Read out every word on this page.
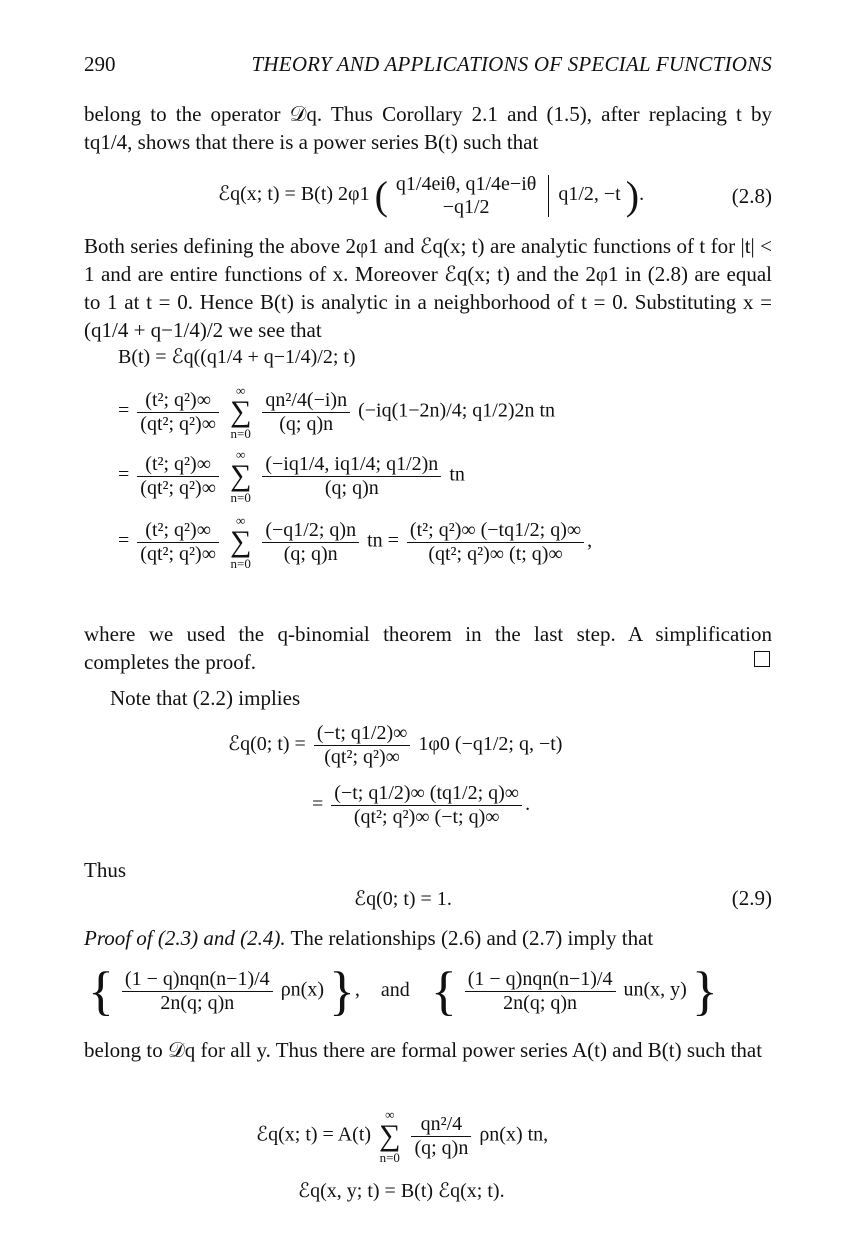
290	THEORY AND APPLICATIONS OF SPECIAL FUNCTIONS
belong to the operator 𝒟q. Thus Corollary 2.1 and (1.5), after replacing t by tq1/4, shows that there is a power series B(t) such that
ℰq(x; t) = B(t) 2φ1 ( q1/4eiθ, q1/4e−iθ
−q1/2
q1/2, −t ).	(2.8)
Both series defining the above 2φ1 and ℰq(x; t) are analytic functions of t for |t| < 1 and are entire functions of x. Moreover ℰq(x; t) and the 2φ1 in (2.8) are equal to 1 at t = 0. Hence B(t) is analytic in a neighborhood of t = 0. Substituting x = (q1/4 + q−1/4)/2 we see that
B(t) = ℰq((q1/4 + q−1/4)/2; t)
= $\frac{\text{(t²; q²)∞}}{\text{(qt²; q²)∞}}$ ∞
∑
$n=0 \frac{\text{qn²/4(−i)n}}{(q; q)n} (-iq(1-2n)/4$; q1/2)2n tn
= $\frac{\text{(t²; q²)∞}}{\text{(qt²; q²)∞}}$ ∞
∑
$n=0 \frac{(-iq1/4, iq1/4; q1/2)n}{(q; q)n}$ tn
= $\frac{\text{(t²; q²)∞}}{\text{(qt²; q²)∞}}$ ∞
∑
$n=0 \frac{(-q1/2; q)n}{(q; q)n}$ tn = $\frac{\text{(t²; q²)∞ (−tq1/2; q)∞}}{\text{(qt²; q²)∞ (t; q)∞}}$ ,
where we used the q-binomial theorem in the last step. A simplification completes the proof.
Note that (2.2) implies
ℰq(0; $t) = \frac{(-t; q1/2)\infty}{\text{(qt²; q²)∞}} 1\varphi 0$ (−q1/2; q, −t)
= $\frac{(-t; q1/2)\infty (tq1/2; q)\infty}{\text{(qt²; q²)∞ (−t; q)∞}}$ .
Thus
ℰq(0; t) = 1.	(2.9)
Proof of (2.3) and (2.4). The relationships (2.6) and (2.7) imply that
{ $\frac{\text{(1 − q)nqn(n−1)/4}}{2n(q; q)n} \rho n(x)$ }, and { $\frac{\text{(1 − q)nqn(n−1)/4}}{2n(q; q)n} un(x$, y) }
belong to 𝒟q for all y. Thus there are formal power series A(t) and B(t) such that
ℰq(x; t) = A(t) ∞
∑
$n=0 \frac{\text{qn²/4}}{(q; q)n} \rho n(x)$ tn,
ℰq(x, y; t) = B(t) ℰq(x; t).
